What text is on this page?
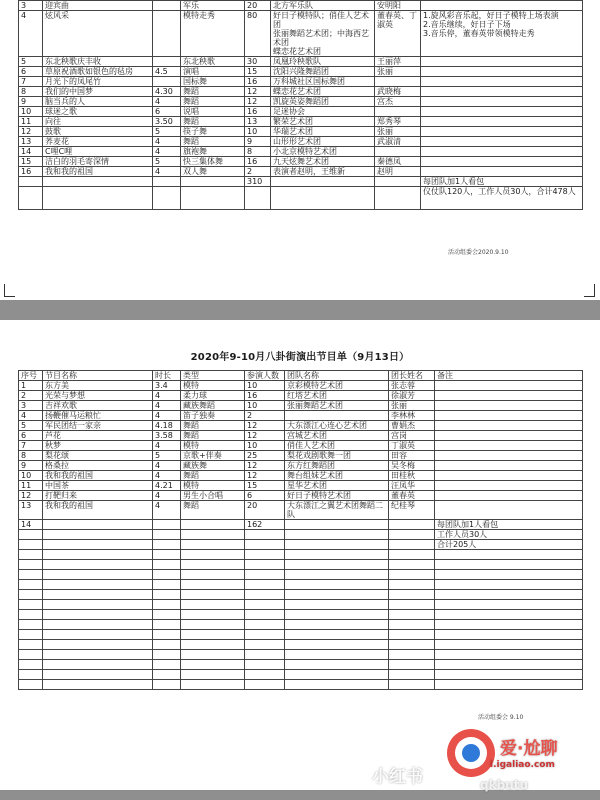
3	迎宾曲		军乐	20	北方军乐队	安明阳	
4	炫风采		模特走秀	80	好日子模特队；俏佳人艺术团
张丽舞蹈艺术团；中海西艺术团
蝶恋花艺术团	董春英、丁淑英	1.旋风彩音乐起，好日子模特上场表演
2.音乐继续，好日子下场
3.音乐停，董春英带领模特走秀
5	东北秧歌庆丰收		东北秧歌	30	凤凰玲秧歌队	王丽萍	
6	草原祝酒歌如银色的毡房	4.5	演唱	15	沈阳兴隆舞蹈团	张丽	
7	月光下的凤尾竹		国标舞	16	万科城社区国标舞团		
8	我们的中国梦	4.30	舞蹈	12	蝶恋花艺术团	武晓梅	
9	脑当兵的人	4	舞蹈	12	凯旋英姿舞蹈团	宫杰	
10	球迷之歌	6	说唱	16	足迷协会		
11	向往	3.50	舞蹈	13	繁荣艺术团	郑秀琴	
12	鼓歌	5	筷子舞	10	华瑞艺术团	张丽	
13	荞麦花	4	舞蹈	9	山形形艺术团	武淑清	
14	C哩C哩	4	旗袍舞	8	小北京模特艺术团		
15	洁白的羽毛寄深情	5	快三集体舞	16	九天炫舞艺术团	秦德凤	
16	我和我的祖国	4	双人舞	2	表演者赵明，王维新	赵明	
				310			每团队加1人看包
							仪仗队120人，工作人员30人，合计478人
活动组委会2020.9.10
2020年9-10月八卦街演出节目单（9月13日）
序号	节目名称	时长	类型	参演人数	团队名称	团长姓名	备注
1	东方美	3.4	模特	10	京彩模特艺术团	张志蓉	
2	光荣与梦想	4	柔力球	16	红塔艺术团	徐淑芳	
3	吉祥欢歌	4	藏族舞蹈	10	张丽舞蹈艺术团	张丽	
4	扬鞭催马运粮忙	4	笛子独奏	2		李林林	
5	军民团结一家亲	4.18	舞蹈	12	大东漂江心连心艺术团	曹娟杰	
6	芦花	3.58	舞蹈	12	宫城艺术团	宫岗	
7	秋梦	4	模特	10	俏佳人艺术团	丁淑英	
8	梨花颂	5	京歌+伴奏	25	梨花戏剧歌舞一团	田容	
9	格桑拉	4	藏族舞	12	东方红舞蹈团	吴冬梅	
10	我和我的祖国	4	舞蹈	12	舞台组妹艺术团	田桂秋	
11	中国茶	4.21	模特	15	星华艺术团	汪凤华	
12	打靶归来	4	男生小合唱	6	好日子模特艺术团	董春英	
13	我和我的祖国	4	舞蹈	20	大东漂江之翼艺术团舞蹈二队	纪桂琴	
14				162			每团队加1人看包
							工作人员30人
							合计205人

活动组委会 9.10
小红书
爱·尬聊
i.igaliao.com
qkbutu
